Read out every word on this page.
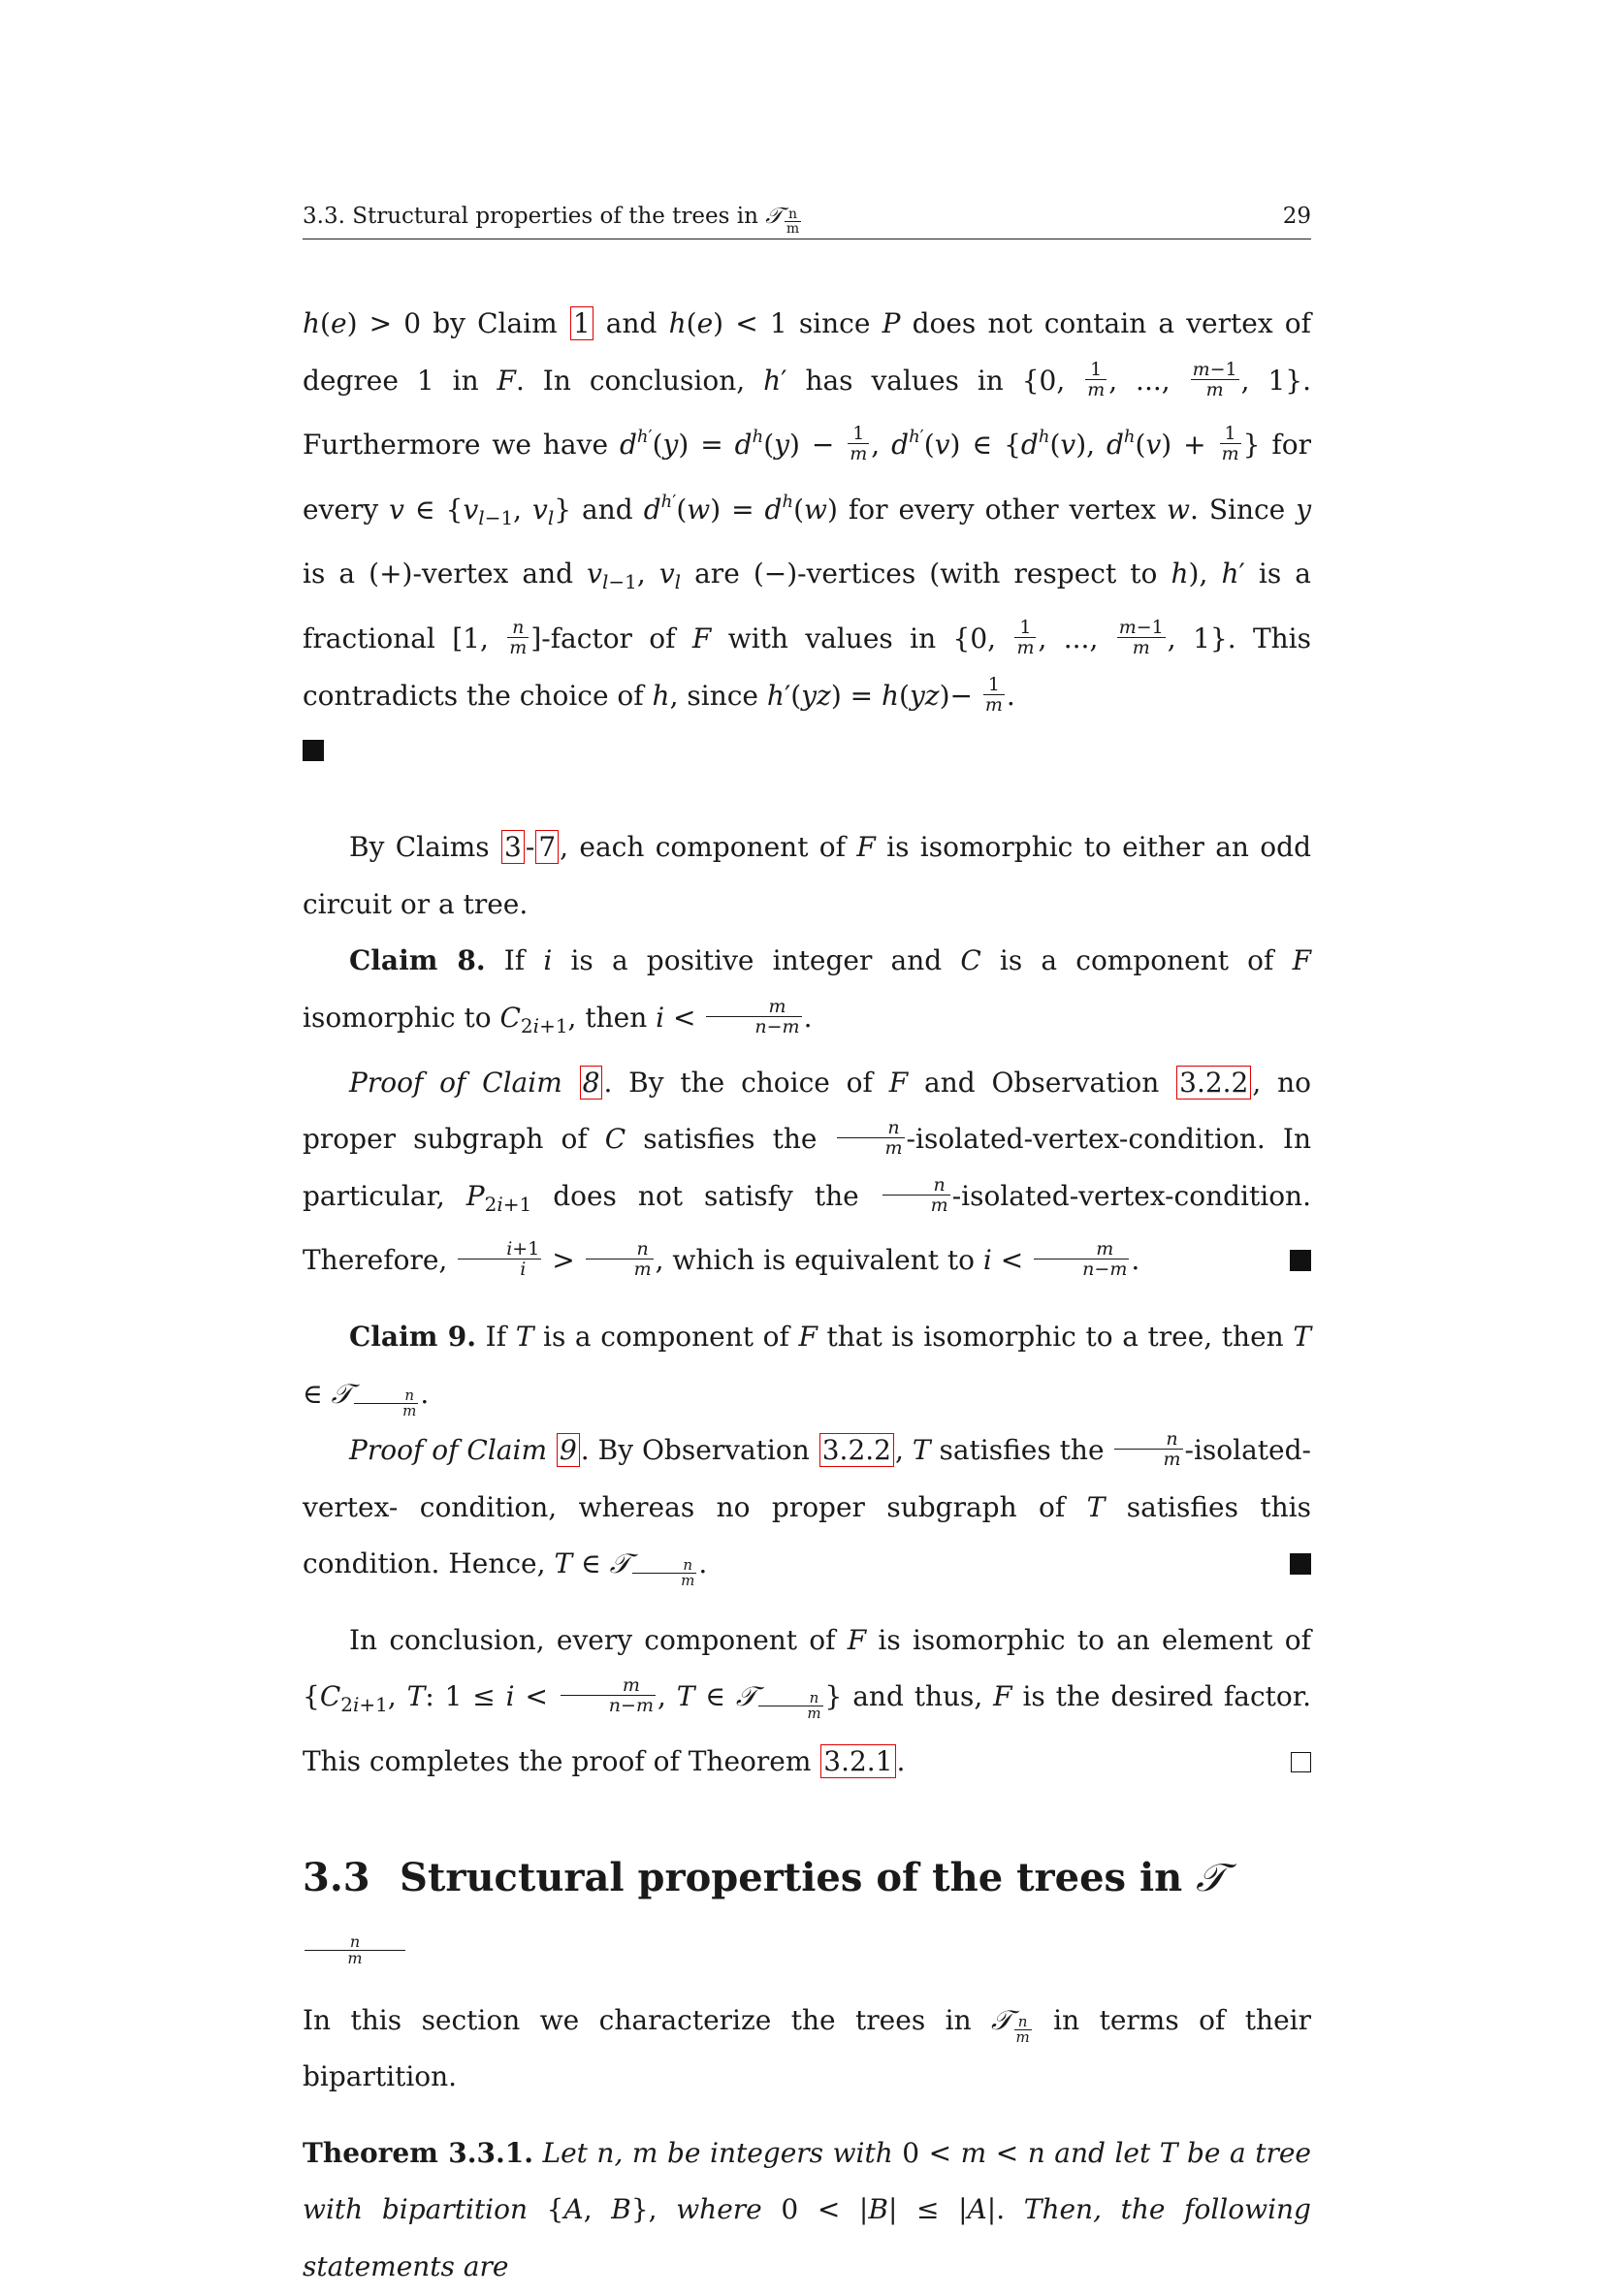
3.3. Structural properties of the trees in 𝒯 $\frac{n}{m}$	29

h(e) > 0 by Claim 1 and h(e) < 1 since P does not contain a vertex of degree 1 in F. In conclusion, h′ has values in {0, $\frac{1}{m}$ , ..., $\frac{m-1}{m}$ , 1}. Furthermore we have $d^{h'}(y) = d^h(y) - \frac{1}{m}$ , $d^{h'}(v)$ ∈ {$d^h(v)$, $d^h(v) + \frac{1}{m}$ } for every v ∈ {$v_{l-1}$, $v_l$} and $d^{h'}(w) = d^h(w)$ for every other vertex w. Since y is a (+)-vertex and $v_{l-1}$, $v_l$ are (−)-vertices (with respect to h), h′ is a fractional [1, $\frac{n}{m}$ ]-factor of F with values in {0, $\frac{1}{m}$ , ..., $\frac{m-1}{m}$ , 1}. This contradicts the choice of h, since $h'(yz) = h(yz)- \frac{1}{m}$ .

By Claims 3 - 7 , each component of F is isomorphic to either an odd circuit or a tree.

Claim 8. If i is a positive integer and C is a component of F isomorphic to $C_{2i+1}$, then $i < \frac{m}{n-m}$ .

Proof of Claim 8 . By the choice of F and Observation 3.2.2 , no proper subgraph of C satisfies the $\frac{n}{m}$ -isolated-vertex-condition. In particular, $P_{2i+1}$ does not satisfy the $\frac{n}{m}$ -isolated-vertex-condition. Therefore, $\frac{i+1}{i} > \frac{n}{m}$ , which is equivalent to $i < \frac{m}{n-m}$ .

Claim 9. If T is a component of F that is isomorphic to a tree, then T ∈ 𝒯 $\frac{n}{m}$ .

Proof of Claim 9 . By Observation 3.2.2 , T satisfies the $\frac{n}{m}$ -isolated-vertex- condition, whereas no proper subgraph of T satisfies this condition. Hence, T ∈ 𝒯 $\frac{n}{m}$ .

In conclusion, every component of F is isomorphic to an element of {$C_{2i+1}$, T: $1 \le i < \frac{m}{n-m}$ , T ∈ 𝒯 $\frac{n}{m}$ } and thus, F is the desired factor. This completes the proof of Theorem 3.2.1 .

3.3 Structural properties of the trees in $𝒯\frac{n}{m}$

In this section we characterize the trees in 𝒯 $\frac{n}{m}$ in terms of their bipartition.

Theorem 3.3.1. Let n, m be integers with 0 < m < n and let T be a tree with bipartition {A, B}, where 0 < |B| ≤ |A|. Then, the following statements are
